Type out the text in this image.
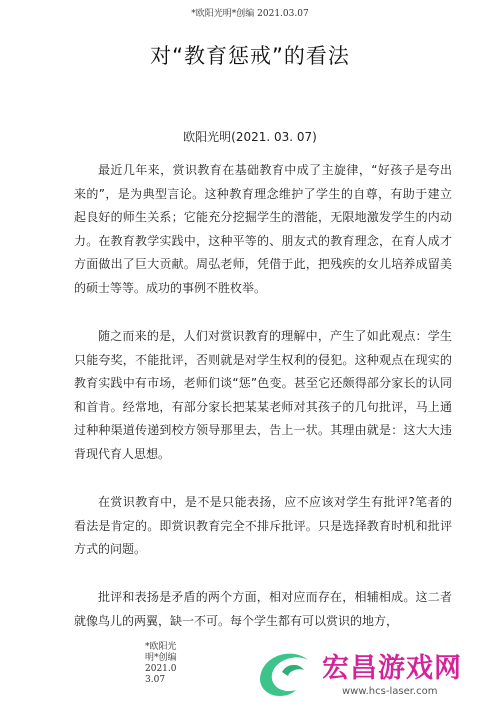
*欧阳光明*创编 2021.03.07
对“教育惩戒”的看法
欧阳光明(2021. 03. 07)

最近几年来，赏识教育在基础教育中成了主旋律，“好孩子是夸出来的”，是为典型言论。这种教育理念维护了学生的自尊，有助于建立起良好的师生关系；它能充分挖掘学生的潜能，无限地激发学生的内动力。在教育教学实践中，这种平等的、朋友式的教育理念，在育人成才方面做出了巨大贡献。周弘老师，凭借于此，把残疾的女儿培养成留美的硕士等等。成功的事例不胜枚举。

随之而来的是，人们对赏识教育的理解中，产生了如此观点：学生只能夸奖，不能批评，否则就是对学生权利的侵犯。这种观点在现实的教育实践中有市场，老师们谈“惩”色变。甚至它还颇得部分家长的认同和首肯。经常地，有部分家长把某某老师对其孩子的几句批评，马上通过种种渠道传递到校方领导那里去，告上一状。其理由就是：这大大违背现代育人思想。

在赏识教育中，是不是只能表扬，应不应该对学生有批评?笔者的看法是肯定的。即赏识教育完全不排斥批评。只是选择教育时机和批评方式的问题。

批评和表扬是矛盾的两个方面，相对应而存在，相辅相成。这二者就像鸟儿的两翼，缺一不可。每个学生都有可以赏识的地方，

*欧阳光明*创编 2021.03.07	宏昌游戏网
www.hcs-laser.com
